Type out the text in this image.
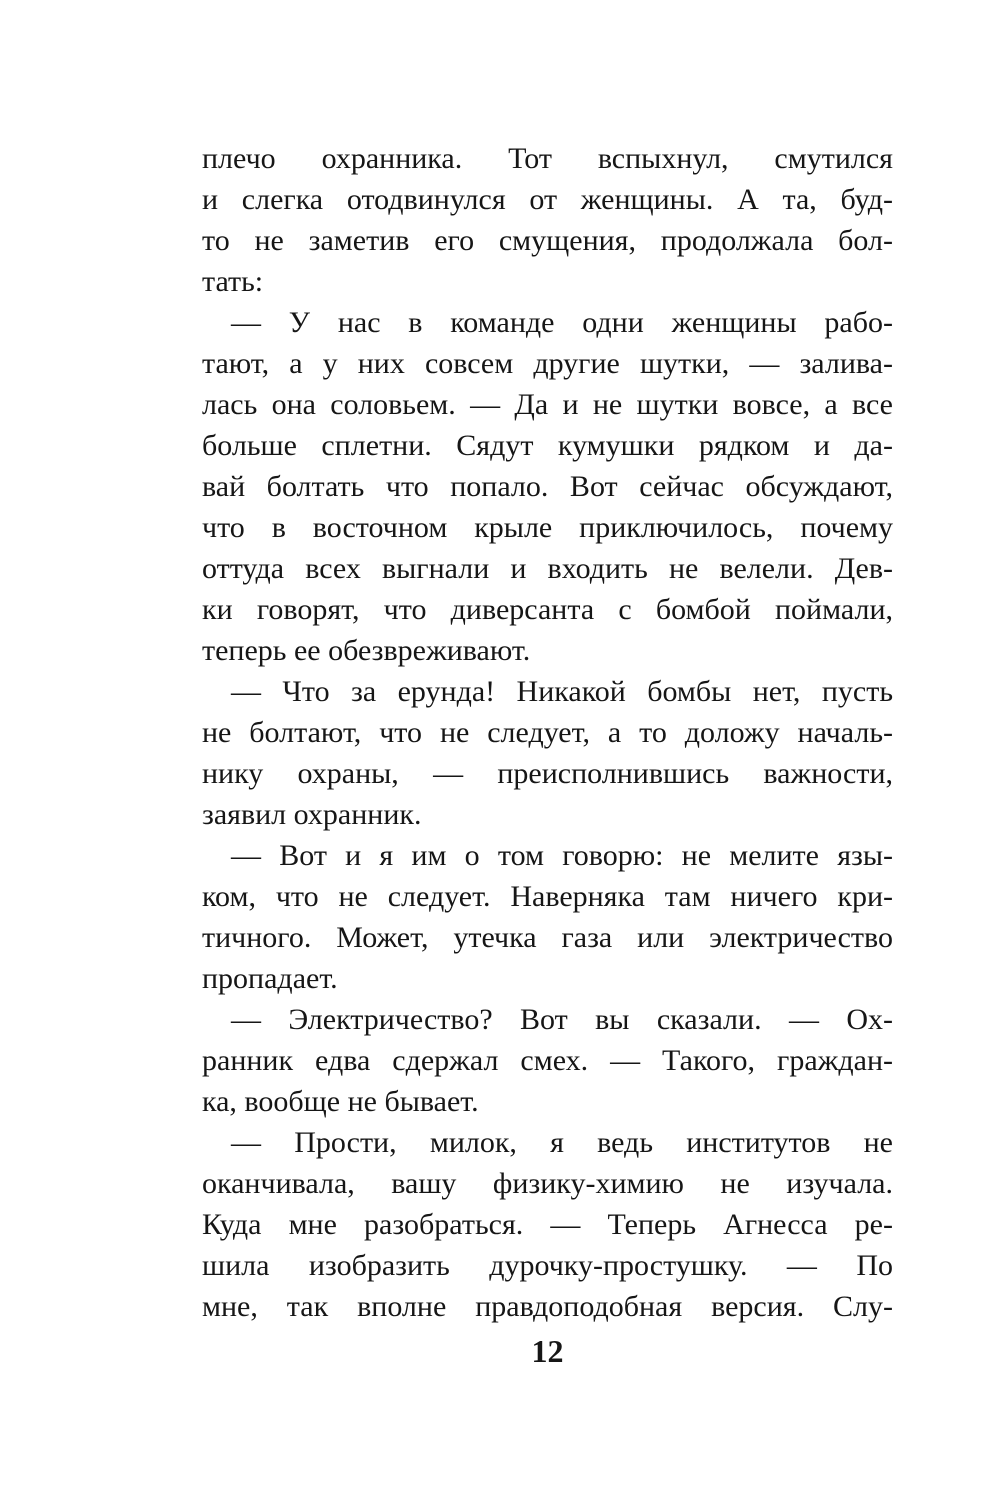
плечо охранника. Тот вспыхнул, смутился
и слегка отодвинулся от женщины. А та, буд-
то не заметив его смущения, продолжала бол-
тать:
— У нас в команде одни женщины рабо-
тают, а у них совсем другие шутки, — залива-
лась она соловьем. — Да и не шутки вовсе, а все
больше сплетни. Сядут кумушки рядком и да-
вай болтать что попало. Вот сейчас обсуждают,
что в восточном крыле приключилось, почему
оттуда всех выгнали и входить не велели. Дев-
ки говорят, что диверсанта с бомбой поймали,
теперь ее обезвреживают.
— Что за ерунда! Никакой бомбы нет, пусть
не болтают, что не следует, а то доложу началь-
нику охраны, — преисполнившись важности,
заявил охранник.
— Вот и я им о том говорю: не мелите язы-
ком, что не следует. Наверняка там ничего кри-
тичного. Может, утечка газа или электричество
пропадает.
— Электричество? Вот вы сказали. — Ох-
ранник едва сдержал смех. — Такого, граждан-
ка, вообще не бывает.
— Прости, милок, я ведь институтов не
оканчивала, вашу физику-химию не изучала.
Куда мне разобраться. — Теперь Агнесса ре-
шила изобразить дурочку-простушку. — По
мне, так вполне правдоподобная версия. Слу-
12
